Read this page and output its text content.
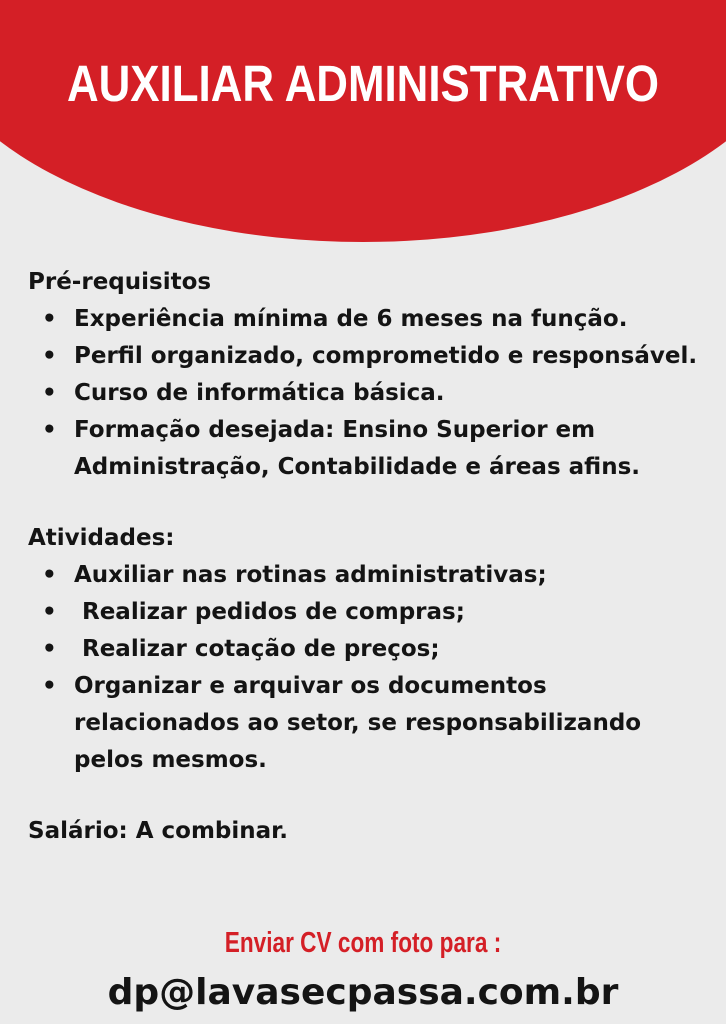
AUXILIAR ADMINISTRATIVO

Pré-requisitos

• Experiência mínima de 6 meses na função.
• Perfil organizado, comprometido e responsável.
• Curso de informática básica.
• Formação desejada: Ensino Superior em Administração, Contabilidade e áreas afins.

Atividades:

• Auxiliar nas rotinas administrativas;
• Realizar pedidos de compras;
• Realizar cotação de preços;
• Organizar e arquivar os documentos relacionados ao setor, se responsabilizando pelos mesmos.

Salário: A combinar.

Enviar CV com foto para :
dp@lavasecpassa.com.br
